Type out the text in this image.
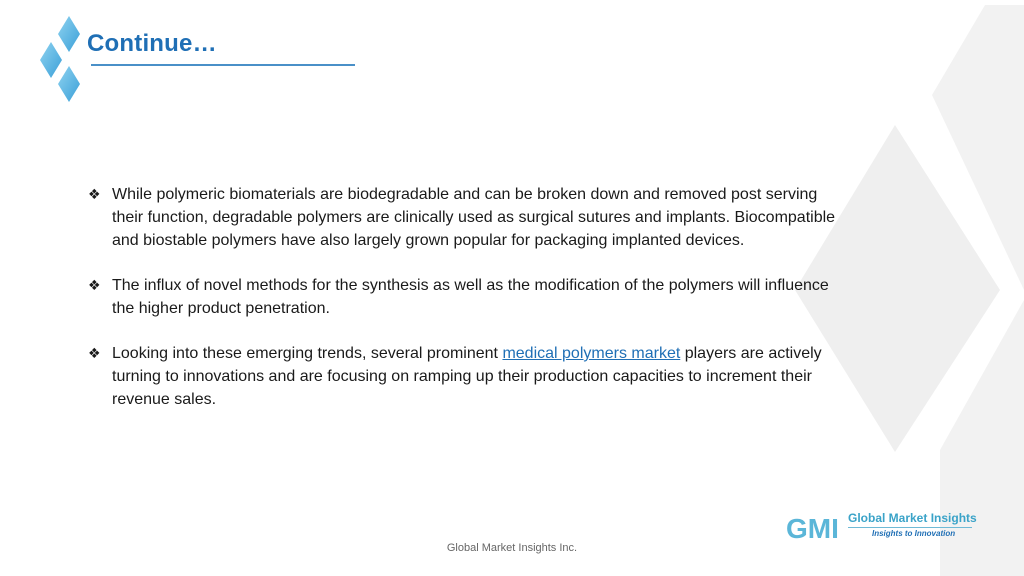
Continue…
❖ While polymeric biomaterials are biodegradable and can be broken down and removed post serving their function, degradable polymers are clinically used as surgical sutures and implants. Biocompatible and biostable polymers have also largely grown popular for packaging implanted devices.
❖ The influx of novel methods for the synthesis as well as the modification of the polymers will influence the higher product penetration.
❖ Looking into these emerging trends, several prominent medical polymers market players are actively turning to innovations and are focusing on ramping up their production capacities to increment their revenue sales.
GMI Global Market Insights
Insights to Innovation
Global Market Insights Inc.
